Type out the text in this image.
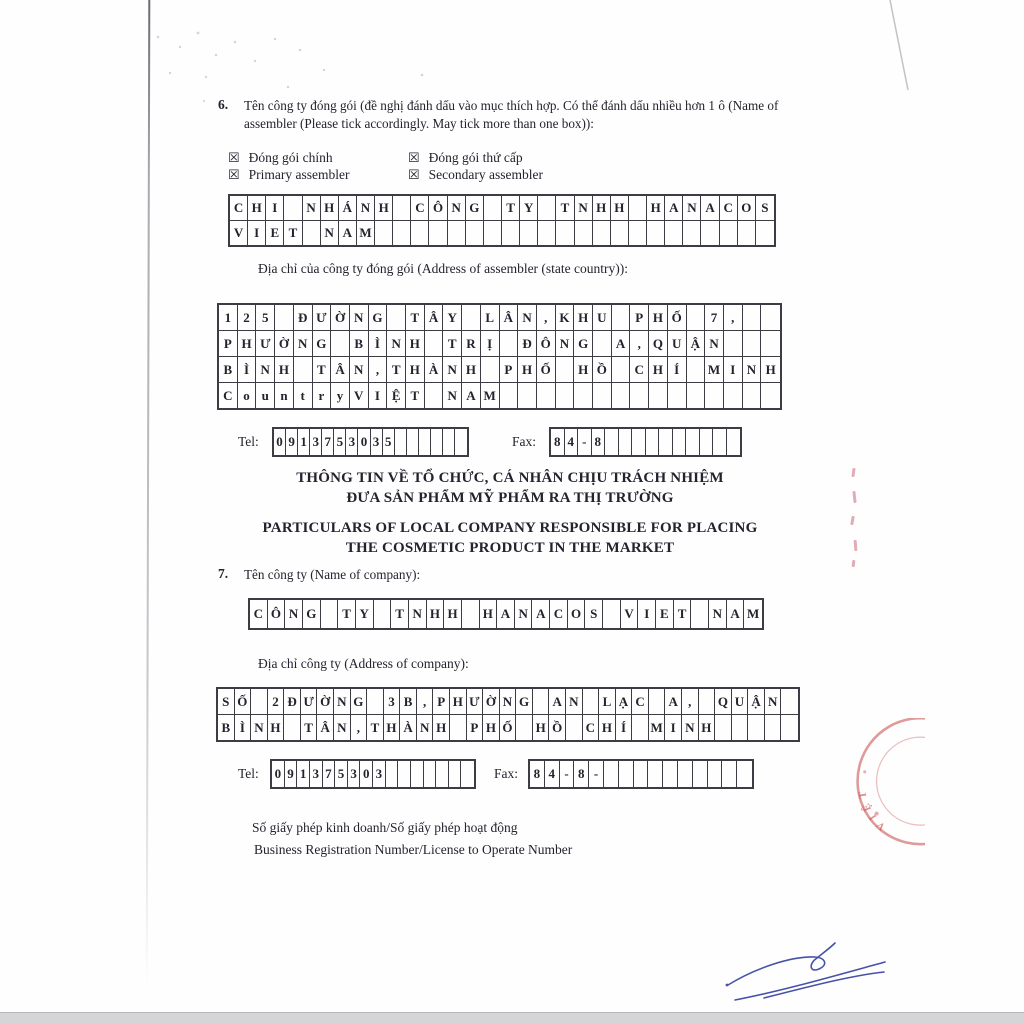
6. Tên công ty đóng gói (đề nghị đánh dấu vào mục thích hợp. Có thể đánh dấu nhiều hơn 1 ô (Name of assembler (Please tick accordingly. May tick more than one box)):
☒ Đóng gói chính
☒ Primary assembler
☒ Đóng gói thứ cấp
☒ Secondary assembler
C H I	N H Á N H	C Ô N G	T Y	T N H H	H A N A C O S
V I E T	N A M
Địa chỉ của công ty đóng gói (Address of assembler (state country)):
1 2 5	Đ Ư Ờ N G	T Â Y	L Â N , K H U	P H Ố	7	,
P H Ư Ờ N G	B Ì N H	T R Ị	Đ Ô N G	A , Q U Ậ N
B Ì N H	T Â N , T H À N H	P H Ố	H Ồ	C H Í	M I N H
C o u n t	r y V I Ệ T	N A M
Tel: 0 9 1 3 7 5 3 0 3 5	Fax: 8 4 - 8
THÔNG TIN VỀ TỔ CHỨC, CÁ NHÂN CHỊU TRÁCH NHIỆM
ĐƯA SẢN PHẨM MỸ PHẨM RA THỊ TRƯỜNG
PARTICULARS OF LOCAL COMPANY RESPONSIBLE FOR PLACING
THE COSMETIC PRODUCT IN THE MARKET
7. Tên công ty (Name of company):
C Ô N G	T Y	T N H H	H A N A C O S	V I E T	N A M
Địa chỉ công ty (Address of company):
S Ố	2 Đ Ư Ờ N G	3 B , P H Ư Ờ N G A N	L Ạ C	A ,	Q U Ậ N
B Ì N H T Â N , T H À N H P H Ố H Ồ C H Í	M I N H
Tel: 0 9 1 3 7 5 3 0 3	Fax: 8 4 - 8 -
Số giấy phép kinh doanh/Số giấy phép hoạt động
Business Registration Number/License to Operate Number
VIỆT
